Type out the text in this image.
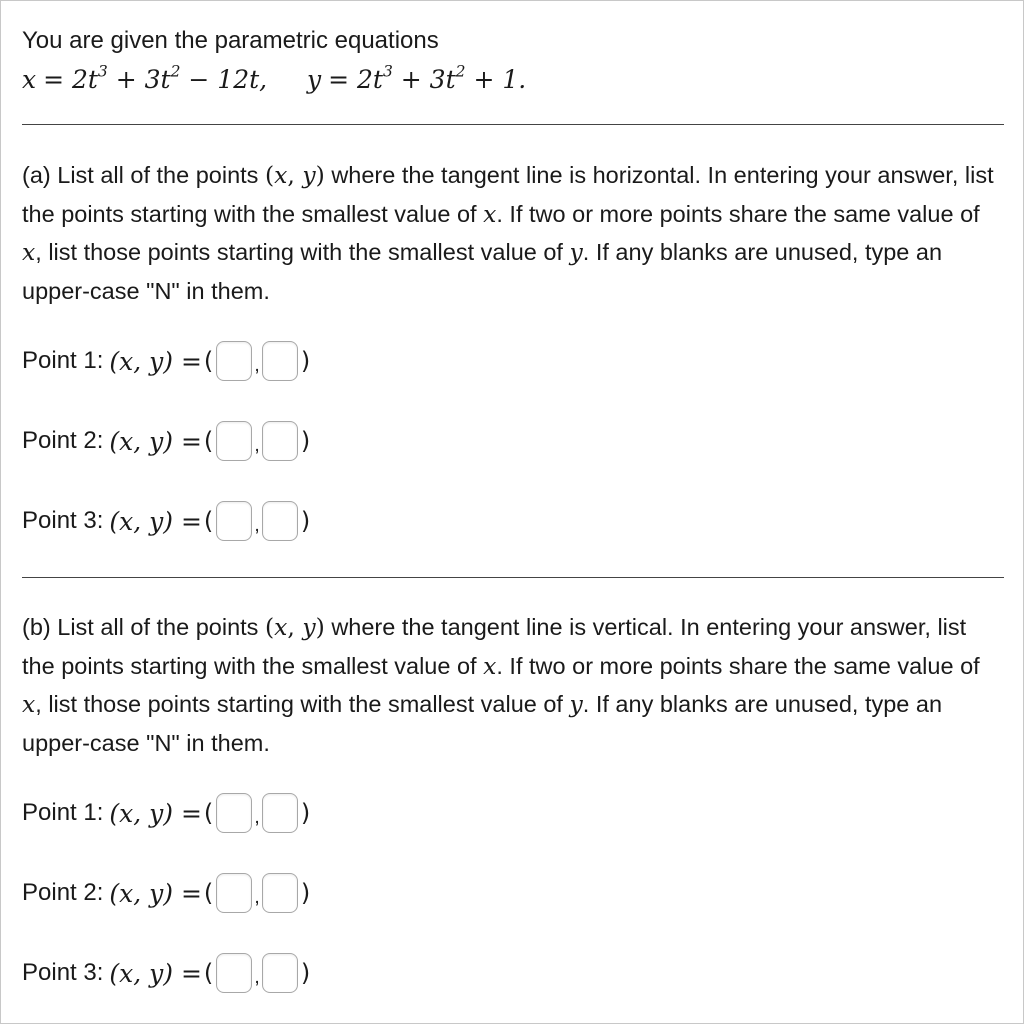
You are given the parametric equations
$x = 2t^3 + 3t^2 - 12t$, $y = 2t^3 + 3t^2 + 1$.
(a) List all of the points (x, y) where the tangent line is horizontal. In entering your answer, list the points starting with the smallest value of x. If two or more points share the same value of x, list those points starting with the smallest value of y. If any blanks are unused, type an upper-case "N" in them.
Point 1: (x, y) = ( , )
Point 2: (x, y) = ( , )
Point 3: (x, y) = ( , )
(b) List all of the points (x, y) where the tangent line is vertical. In entering your answer, list the points starting with the smallest value of x. If two or more points share the same value of x, list those points starting with the smallest value of y. If any blanks are unused, type an upper-case "N" in them.
Point 1: (x, y) = ( , )
Point 2: (x, y) = ( , )
Point 3: (x, y) = ( , )
